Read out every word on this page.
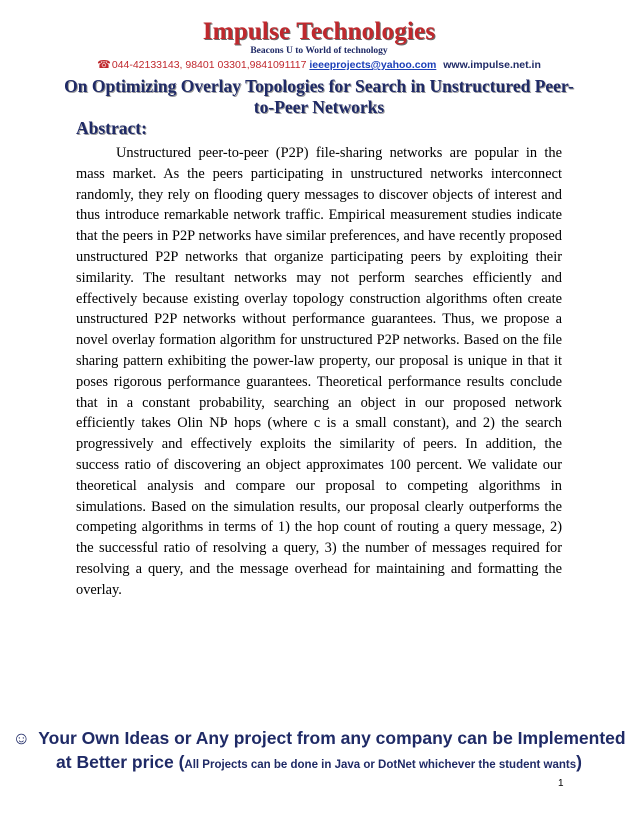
Impulse Technologies
Beacons U to World of technology
☎044-42133143, 98401 03301,9841091117 ieeeprojects@yahoo.com www.impulse.net.in
On Optimizing Overlay Topologies for Search in Unstructured Peer-to-Peer Networks
Abstract:

Unstructured peer-to-peer (P2P) file-sharing networks are popular in the mass market. As the peers participating in unstructured networks interconnect randomly, they rely on flooding query messages to discover objects of interest and thus introduce remarkable network traffic. Empirical measurement studies indicate that the peers in P2P networks have similar preferences, and have recently proposed unstructured P2P networks that organize participating peers by exploiting their similarity. The resultant networks may not perform searches efficiently and effectively because existing overlay topology construction algorithms often create unstructured P2P networks without performance guarantees. Thus, we propose a novel overlay formation algorithm for unstructured P2P networks. Based on the file sharing pattern exhibiting the power-law property, our proposal is unique in that it poses rigorous performance guarantees. Theoretical performance results conclude that in a constant probability, searching an object in our proposed network efficiently takes Olin NÞ hops (where c is a small constant), and 2) the search progressively and effectively exploits the similarity of peers. In addition, the success ratio of discovering an object approximates 100 percent. We validate our theoretical analysis and compare our proposal to competing algorithms in simulations. Based on the simulation results, our proposal clearly outperforms the competing algorithms in terms of 1) the hop count of routing a query message, 2) the successful ratio of resolving a query, 3) the number of messages required for resolving a query, and the message overhead for maintaining and formatting the overlay.

☺ Your Own Ideas or Any project from any company can be Implemented
at Better price (All Projects can be done in Java or DotNet whichever the student wants)
1
